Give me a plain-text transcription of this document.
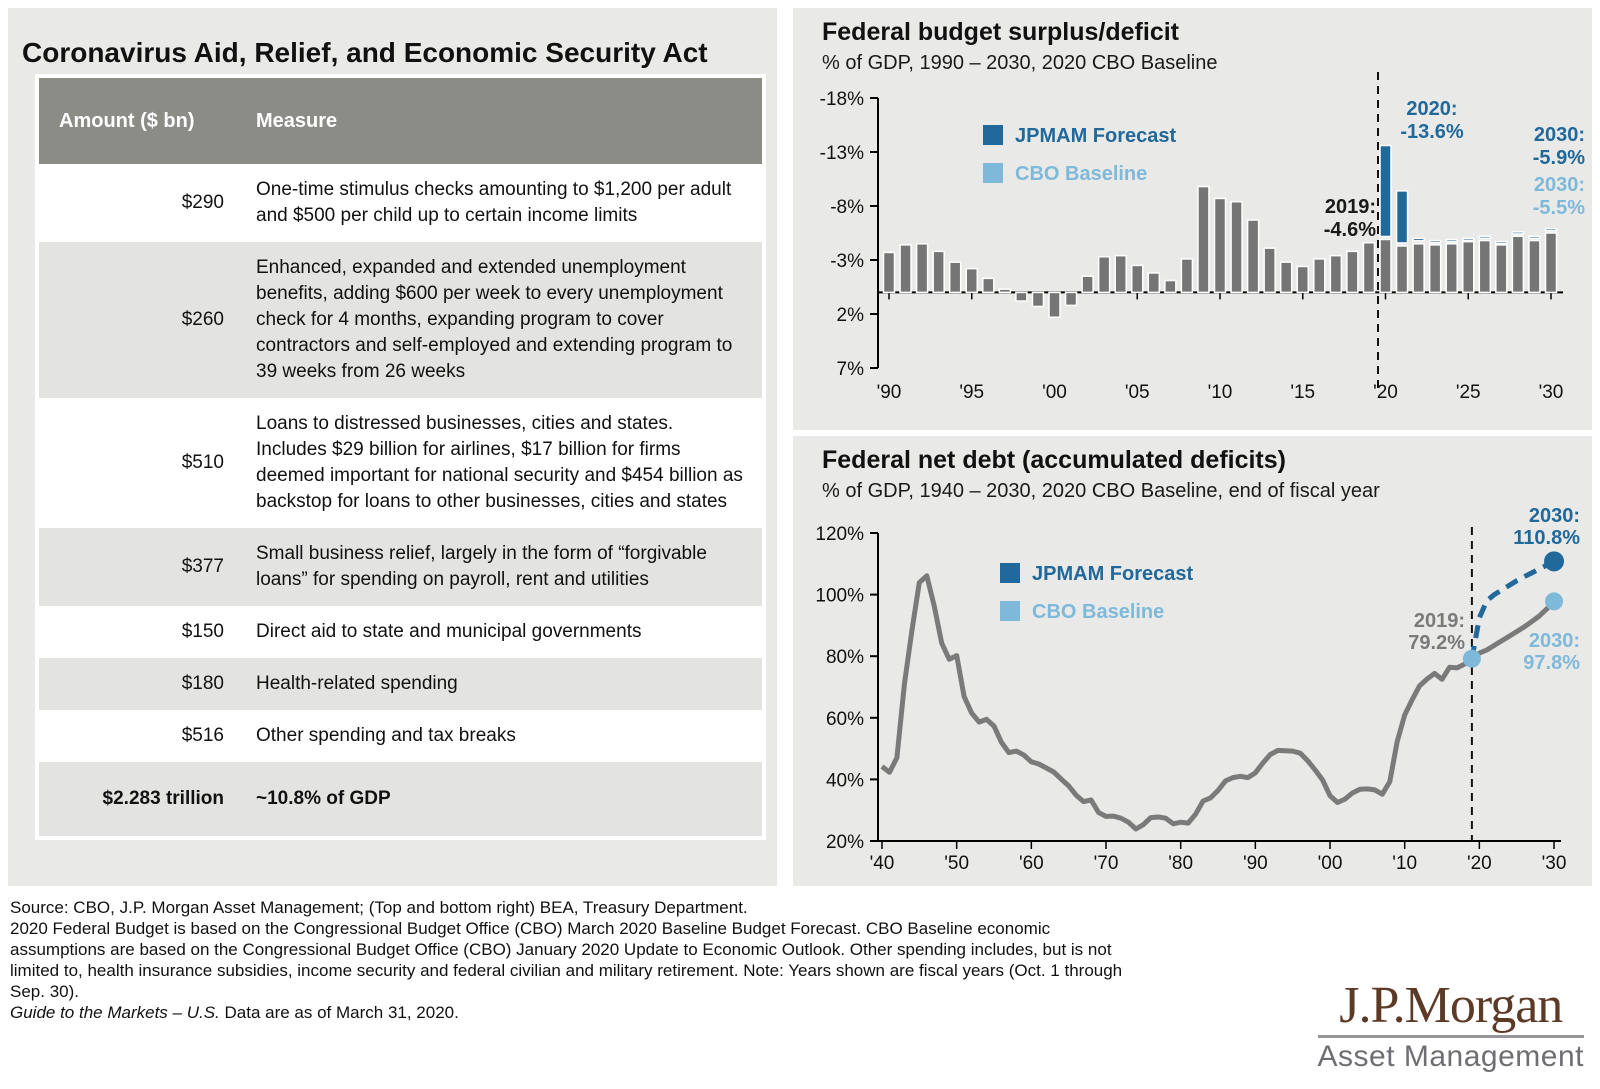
Coronavirus Aid, Relief, and Economic Security Act
Amount ($ bn)	Measure
$290	One-time stimulus checks amounting to $1,200 per adult and $500 per child up to certain income limits
$260	Enhanced, expanded and extended unemployment benefits, adding $600 per week to every unemployment check for 4 months, expanding program to cover contractors and self-employed and extending program to 39 weeks from 26 weeks
$510	Loans to distressed businesses, cities and states. Includes $29 billion for airlines, $17 billion for firms deemed important for national security and $454 billion as backstop for loans to other businesses, cities and states
$377	Small business relief, largely in the form of “forgivable loans” for spending on payroll, rent and utilities
$150	Direct aid to state and municipal governments
$180	Health-related spending
$516	Other spending and tax breaks
$2.283 trillion	~10.8% of GDP
Federal budget surplus/deficit
% of GDP, 1990 – 2030, 2020 CBO Baseline
-18%
-13%
-8%
-3%
2%
7%
'90	'95	'00	'05	'10	'15	'20	'25	'30
JPMAM Forecast
CBO Baseline
2020:
-13.6%
2019:
-4.6%
2030:
-5.9%
2030:
-5.5%
Federal net debt (accumulated deficits)
% of GDP, 1940 – 2030, 2020 CBO Baseline, end of fiscal year
120%
100%
80%
60%
40%
20%
'40	'50	'60	'70	'80	'90	'00	'10	'20	'30
JPMAM Forecast
CBO Baseline	2019:
79.2%
2030:
110.8%
2030:
97.8%
Source: CBO, J.P. Morgan Asset Management; (Top and bottom right) BEA, Treasury Department.
2020 Federal Budget is based on the Congressional Budget Office (CBO) March 2020 Baseline Budget Forecast. CBO Baseline economic
assumptions are based on the Congressional Budget Office (CBO) January 2020 Update to Economic Outlook. Other spending includes, but is not
limited to, health insurance subsidies, income security and federal civilian and military retirement. Note: Years shown are fiscal years (Oct. 1 through
Sep. 30).
Guide to the Markets – U.S. Data are as of March 31, 2020.	J.P.Morgan
Asset Management
